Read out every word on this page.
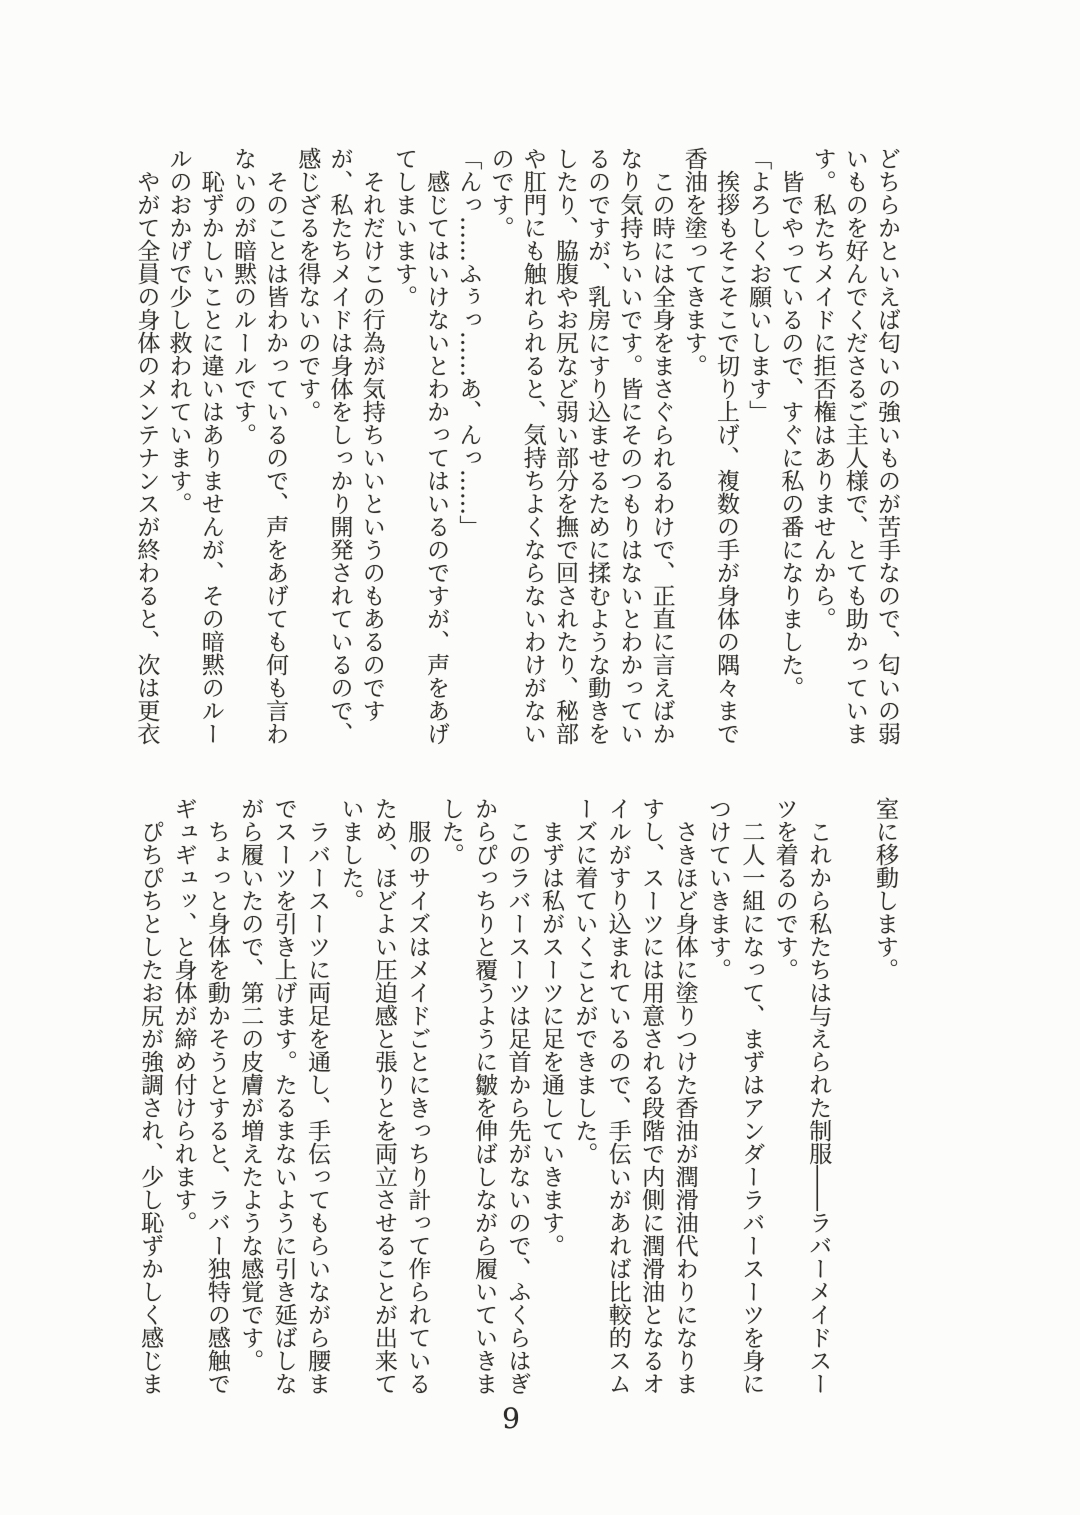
どちらかといえば匂いの強いものが苦手なので、匂いの弱
いものを好んでくださるご主人様で、とても助かっていま
す。私たちメイドに拒否権はありませんから。
皆でやっているので、すぐに私の番になりました。
「よろしくお願いします」
挨拶もそこそこで切り上げ、複数の手が身体の隅々まで
香油を塗ってきます。
この時には全身をまさぐられるわけで、正直に言えばか
なり気持ちいいです。皆にそのつもりはないとわかってい
るのですが、乳房にすり込ませるために揉むような動きを
したり、脇腹やお尻など弱い部分を撫で回されたり、秘部
や肛門にも触れられると、気持ちよくならないわけがない
のです。
「んっ……ふぅっ……あ、んっ……」
感じてはいけないとわかってはいるのですが、声をあげ
てしまいます。
それだけこの行為が気持ちいいというのもあるのです
が、私たちメイドは身体をしっかり開発されているので、
感じざるを得ないのです。
そのことは皆わかっているので、声をあげても何も言わ
ないのが暗黙のルールです。
恥ずかしいことに違いはありませんが、その暗黙のルー
ルのおかげで少し救われています。
やがて全員の身体のメンテナンスが終わると、次は更衣
室に移動します。

これから私たちは与えられた制服――ラバーメイドスー
ツを着るのです。
二人一組になって、まずはアンダーラバースーツを身に
つけていきます。
さきほど身体に塗りつけた香油が潤滑油代わりになりま
すし、スーツには用意される段階で内側に潤滑油となるオ
イルがすり込まれているので、手伝いがあれば比較的スム
ーズに着ていくことができました。
まずは私がスーツに足を通していきます。
このラバースーツは足首から先がないので、ふくらはぎ
からぴっちりと覆うように皺を伸ばしながら履いていきま
した。
服のサイズはメイドごとにきっちり計って作られている
ため、ほどよい圧迫感と張りとを両立させることが出来て
いました。
ラバースーツに両足を通し、手伝ってもらいながら腰ま
でスーツを引き上げます。たるまないように引き延ばしな
がら履いたので、第二の皮膚が増えたような感覚です。
ちょっと身体を動かそうとすると、ラバー独特の感触で
ギュギュッ、と身体が締め付けられます。
ぴちぴちとしたお尻が強調され、少し恥ずかしく感じま
9
